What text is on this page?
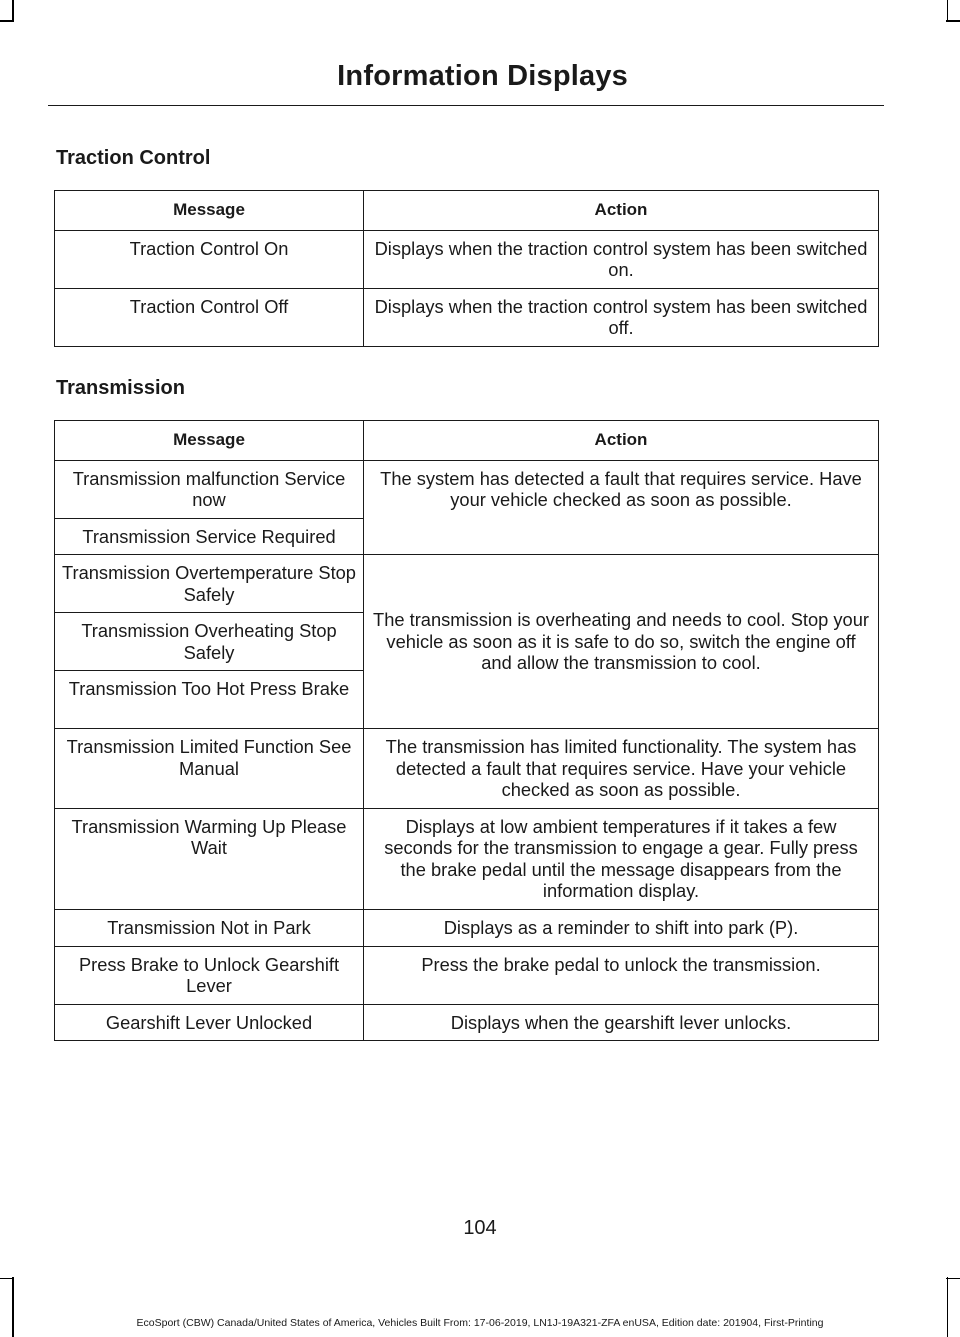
Information Displays
Traction Control
Message	Action
Traction Control On	Displays when the traction control system has been switched on.
Traction Control Off	Displays when the traction control system has been switched off.
Transmission
Message	Action
Transmission malfunction Service now	The system has detected a fault that requires service. Have your vehicle checked as soon as possible.
Transmission Service Required	
Transmission Overtemperature Stop Safely	The transmission is overheating and needs to cool. Stop your vehicle as soon as it is safe to do so, switch the engine off and allow the transmission to cool.
Transmission Overheating Stop Safely	
Transmission Too Hot Press Brake	
Transmission Limited Function See Manual	The transmission has limited functionality. The system has detected a fault that requires service. Have your vehicle checked as soon as possible.
Transmission Warming Up Please Wait	Displays at low ambient temperatures if it takes a few seconds for the transmission to engage a gear. Fully press the brake pedal until the message disappears from the information display.
Transmission Not in Park	Displays as a reminder to shift into park (P).
Press Brake to Unlock Gearshift Lever	Press the brake pedal to unlock the transmission.
Gearshift Lever Unlocked	Displays when the gearshift lever unlocks.
104
EcoSport (CBW) Canada/United States of America, Vehicles Built From: 17-06-2019, LN1J-19A321-ZFA enUSA, Edition date: 201904, First-Printing
